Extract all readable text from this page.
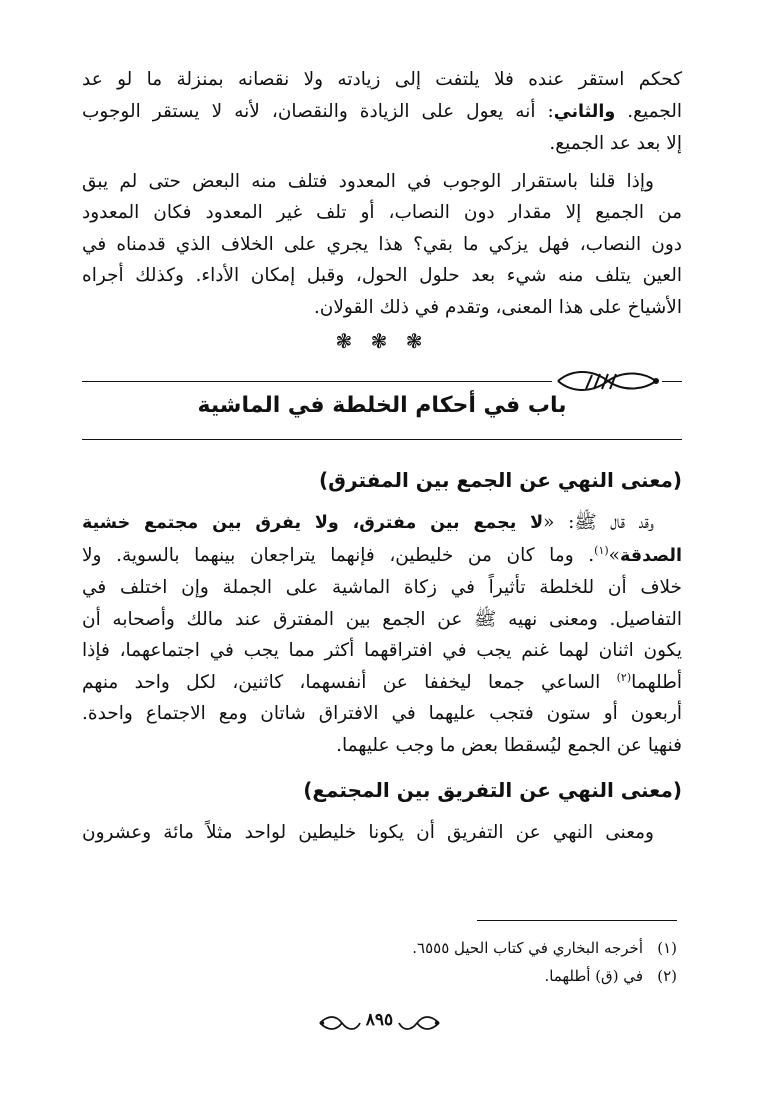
كحكم استقر عنده فلا يلتفت إلى زيادته ولا نقصانه بمنزلة ما لو عد
الجميع. والثاني: أنه يعول على الزيادة والنقصان، لأنه لا يستقر الوجوب
إلا بعد عد الجميع.
وإذا قلنا باستقرار الوجوب في المعدود فتلف منه البعض حتى لم يبق
من الجميع إلا مقدار دون النصاب، أو تلف غير المعدود فكان المعدود
دون النصاب، فهل يزكي ما بقي؟ هذا يجري على الخلاف الذي قدمناه في
العين يتلف منه شيء بعد حلول الحول، وقبل إمكان الأداء. وكذلك أجراه
الأشياخ على هذا المعنى، وتقدم في ذلك القولان.
❃ ❃ ❃
باب في أحكام الخلطة في الماشية
(معنى النهي عن الجمع بين المفترق)
وقد قال ﷺ: «لا يجمع بين مفترق، ولا يفرق بين مجتمع خشية
الصدقة»$^{(١)}$. وما كان من خليطين، فإنهما يتراجعان بينهما بالسوية. ولا
خلاف أن للخلطة تأثيراً في زكاة الماشية على الجملة وإن اختلف في
التفاصيل. ومعنى نهيه ﷺ عن الجمع بين المفترق عند مالك وأصحابه أن
يكون اثنان لهما غنم يجب في افتراقهما أكثر مما يجب في اجتماعهما، فإذا
أطلهما$^{(٢)}$ الساعي جمعا ليخففا عن أنفسهما، كاثنين، لكل واحد منهم
أربعون أو ستون فتجب عليهما في الافتراق شاتان ومع الاجتماع واحدة.
فنهيا عن الجمع ليُسقطا بعض ما وجب عليهما.
(معنى النهي عن التفريق بين المجتمع)
ومعنى النهي عن التفريق أن يكونا خليطين لواحد مثلاً مائة وعشرون
(١)أخرجه البخاري في كتاب الحيل ٦٥٥٥.
(٢)في (ق) أطلهما.
٨٩٥
